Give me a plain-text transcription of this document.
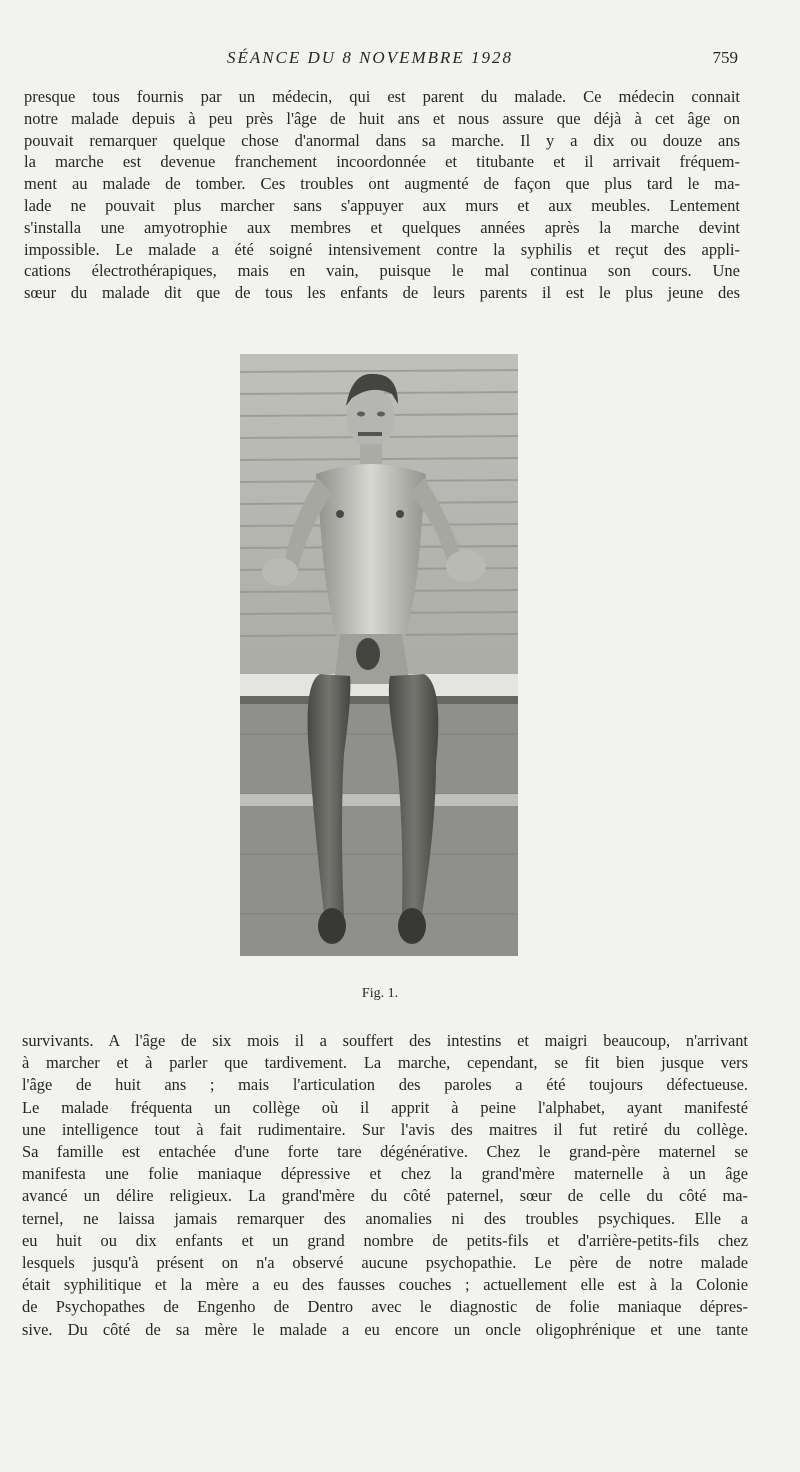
SÉANCE DU 8 NOVEMBRE 1928	759
presque tous fournis par un médecin, qui est parent du malade. Ce médecin connait
notre malade depuis à peu près l'âge de huit ans et nous assure que déjà à cet âge on
pouvait remarquer quelque chose d'anormal dans sa marche. Il y a dix ou douze ans
la marche est devenue franchement incoordonnée et titubante et il arrivait fréquem-
ment au malade de tomber. Ces troubles ont augmenté de façon que plus tard le ma-
lade ne pouvait plus marcher sans s'appuyer aux murs et aux meubles. Lentement
s'installa une amyotrophie aux membres et quelques années après la marche devint
impossible. Le malade a été soigné intensivement contre la syphilis et reçut des appli-
cations électrothérapiques, mais en vain, puisque le mal continua son cours. Une
sœur du malade dit que de tous les enfants de leurs parents il est le plus jeune des
Fig. 1.
survivants. A l'âge de six mois il a souffert des intestins et maigri beaucoup, n'arrivant
à marcher et à parler que tardivement. La marche, cependant, se fit bien jusque vers
l'âge de huit ans ; mais l'articulation des paroles a été toujours défectueuse.
Le malade fréquenta un collège où il apprit à peine l'alphabet, ayant manifesté
une intelligence tout à fait rudimentaire. Sur l'avis des maitres il fut retiré du collège.
Sa famille est entachée d'une forte tare dégénérative. Chez le grand-père maternel se
manifesta une folie maniaque dépressive et chez la grand'mère maternelle à un âge
avancé un délire religieux. La grand'mère du côté paternel, sœur de celle du côté ma-
ternel, ne laissa jamais remarquer des anomalies ni des troubles psychiques. Elle a
eu huit ou dix enfants et un grand nombre de petits-fils et d'arrière-petits-fils chez
lesquels jusqu'à présent on n'a observé aucune psychopathie. Le père de notre malade
était syphilitique et la mère a eu des fausses couches ; actuellement elle est à la Colonie
de Psychopathes de Engenho de Dentro avec le diagnostic de folie maniaque dépres-
sive. Du côté de sa mère le malade a eu encore un oncle oligophrénique et une tante
